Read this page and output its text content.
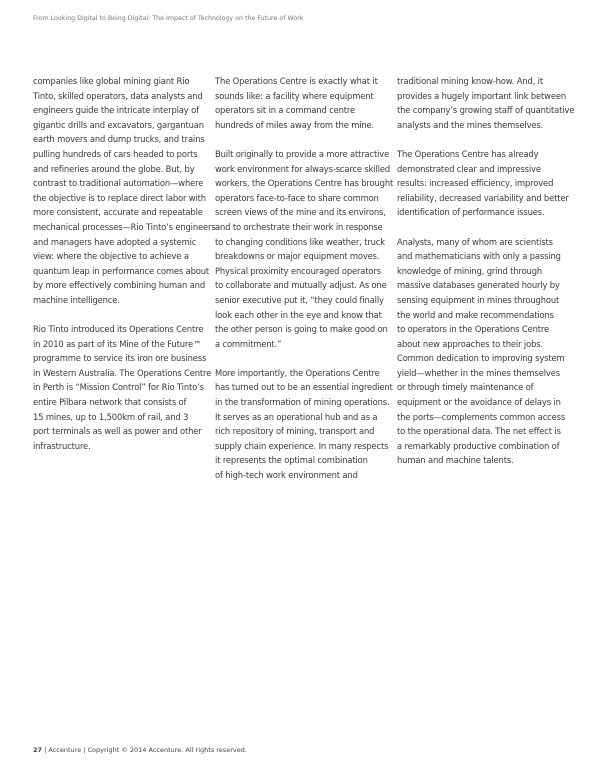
From Looking Digital to Being Digital: The Impact of Technology on the Future of Work
companies like global mining giant Rio
Tinto, skilled operators, data analysts and
engineers guide the intricate interplay of
gigantic drills and excavators, gargantuan
earth movers and dump trucks, and trains
pulling hundreds of cars headed to ports
and refineries around the globe. But, by
contrast to traditional automation—where
the objective is to replace direct labor with
more consistent, accurate and repeatable
mechanical processes—Rio Tinto’s engineers
and managers have adopted a systemic
view: where the objective to achieve a
quantum leap in performance comes about
by more effectively combining human and
machine intelligence.
Rio Tinto introduced its Operations Centre
in 2010 as part of its Mine of the Future™
programme to service its iron ore business
in Western Australia. The Operations Centre
in Perth is “Mission Control” for Rio Tinto’s
entire Pilbara network that consists of
15 mines, up to 1,500km of rail, and 3
port terminals as well as power and other
infrastructure.
The Operations Centre is exactly what it
sounds like: a facility where equipment
operators sit in a command centre
hundreds of miles away from the mine.
Built originally to provide a more attractive
work environment for always-scarce skilled
workers, the Operations Centre has brought
operators face-to-face to share common
screen views of the mine and its environs,
and to orchestrate their work in response
to changing conditions like weather, truck
breakdowns or major equipment moves.
Physical proximity encouraged operators
to collaborate and mutually adjust. As one
senior executive put it, “they could finally
look each other in the eye and know that
the other person is going to make good on
a commitment.”
More importantly, the Operations Centre
has turned out to be an essential ingredient
in the transformation of mining operations.
It serves as an operational hub and as a
rich repository of mining, transport and
supply chain experience. In many respects
it represents the optimal combination
of high-tech work environment and
traditional mining know-how. And, it
provides a hugely important link between
the company’s growing staff of quantitative
analysts and the mines themselves.
The Operations Centre has already
demonstrated clear and impressive
results: increased efficiency, improved
reliability, decreased variability and better
identification of performance issues.
Analysts, many of whom are scientists
and mathematicians with only a passing
knowledge of mining, grind through
massive databases generated hourly by
sensing equipment in mines throughout
the world and make recommendations
to operators in the Operations Centre
about new approaches to their jobs.
Common dedication to improving system
yield—whether in the mines themselves
or through timely maintenance of
equipment or the avoidance of delays in
the ports—complements common access
to the operational data. The net effect is
a remarkably productive combination of
human and machine talents.
27 | Accenture | Copyright © 2014 Accenture. All rights reserved.
